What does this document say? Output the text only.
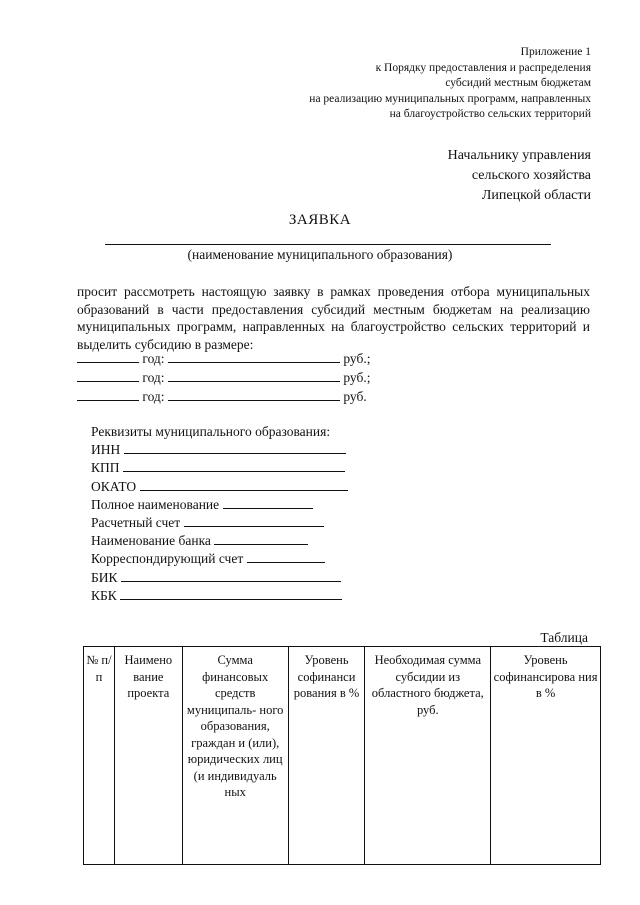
Приложение 1
к Порядку предоставления и распределения
субсидий местным бюджетам
на реализацию муниципальных программ, направленных
на благоустройство сельских территорий
Начальнику управления
сельского хозяйства
Липецкой области
ЗАЯВКА
(наименование муниципального образования)
просит рассмотреть настоящую заявку в рамках проведения отбора муниципальных образований в части предоставления субсидий местным бюджетам на реализацию муниципальных программ, направленных на благоустройство сельских территорий и выделить субсидию в размере:
год:	руб.;
год:	руб.;
год:	руб.
Реквизиты муниципального образования:
ИНН
КПП
ОКАТО
Полное наименование
Расчетный счет
Наименование банка
Корреспондирующий счет
БИК
КБК
Таблица
№ п/п	Наимено вание проекта	Сумма финансовых средств муниципаль- ного образования, граждан и (или), юридических лиц (и индивидуаль ных	Уровень софинанси рования в %	Необходимая сумма субсидии из областного бюджета, руб.	Уровень софинансирова ния в %
